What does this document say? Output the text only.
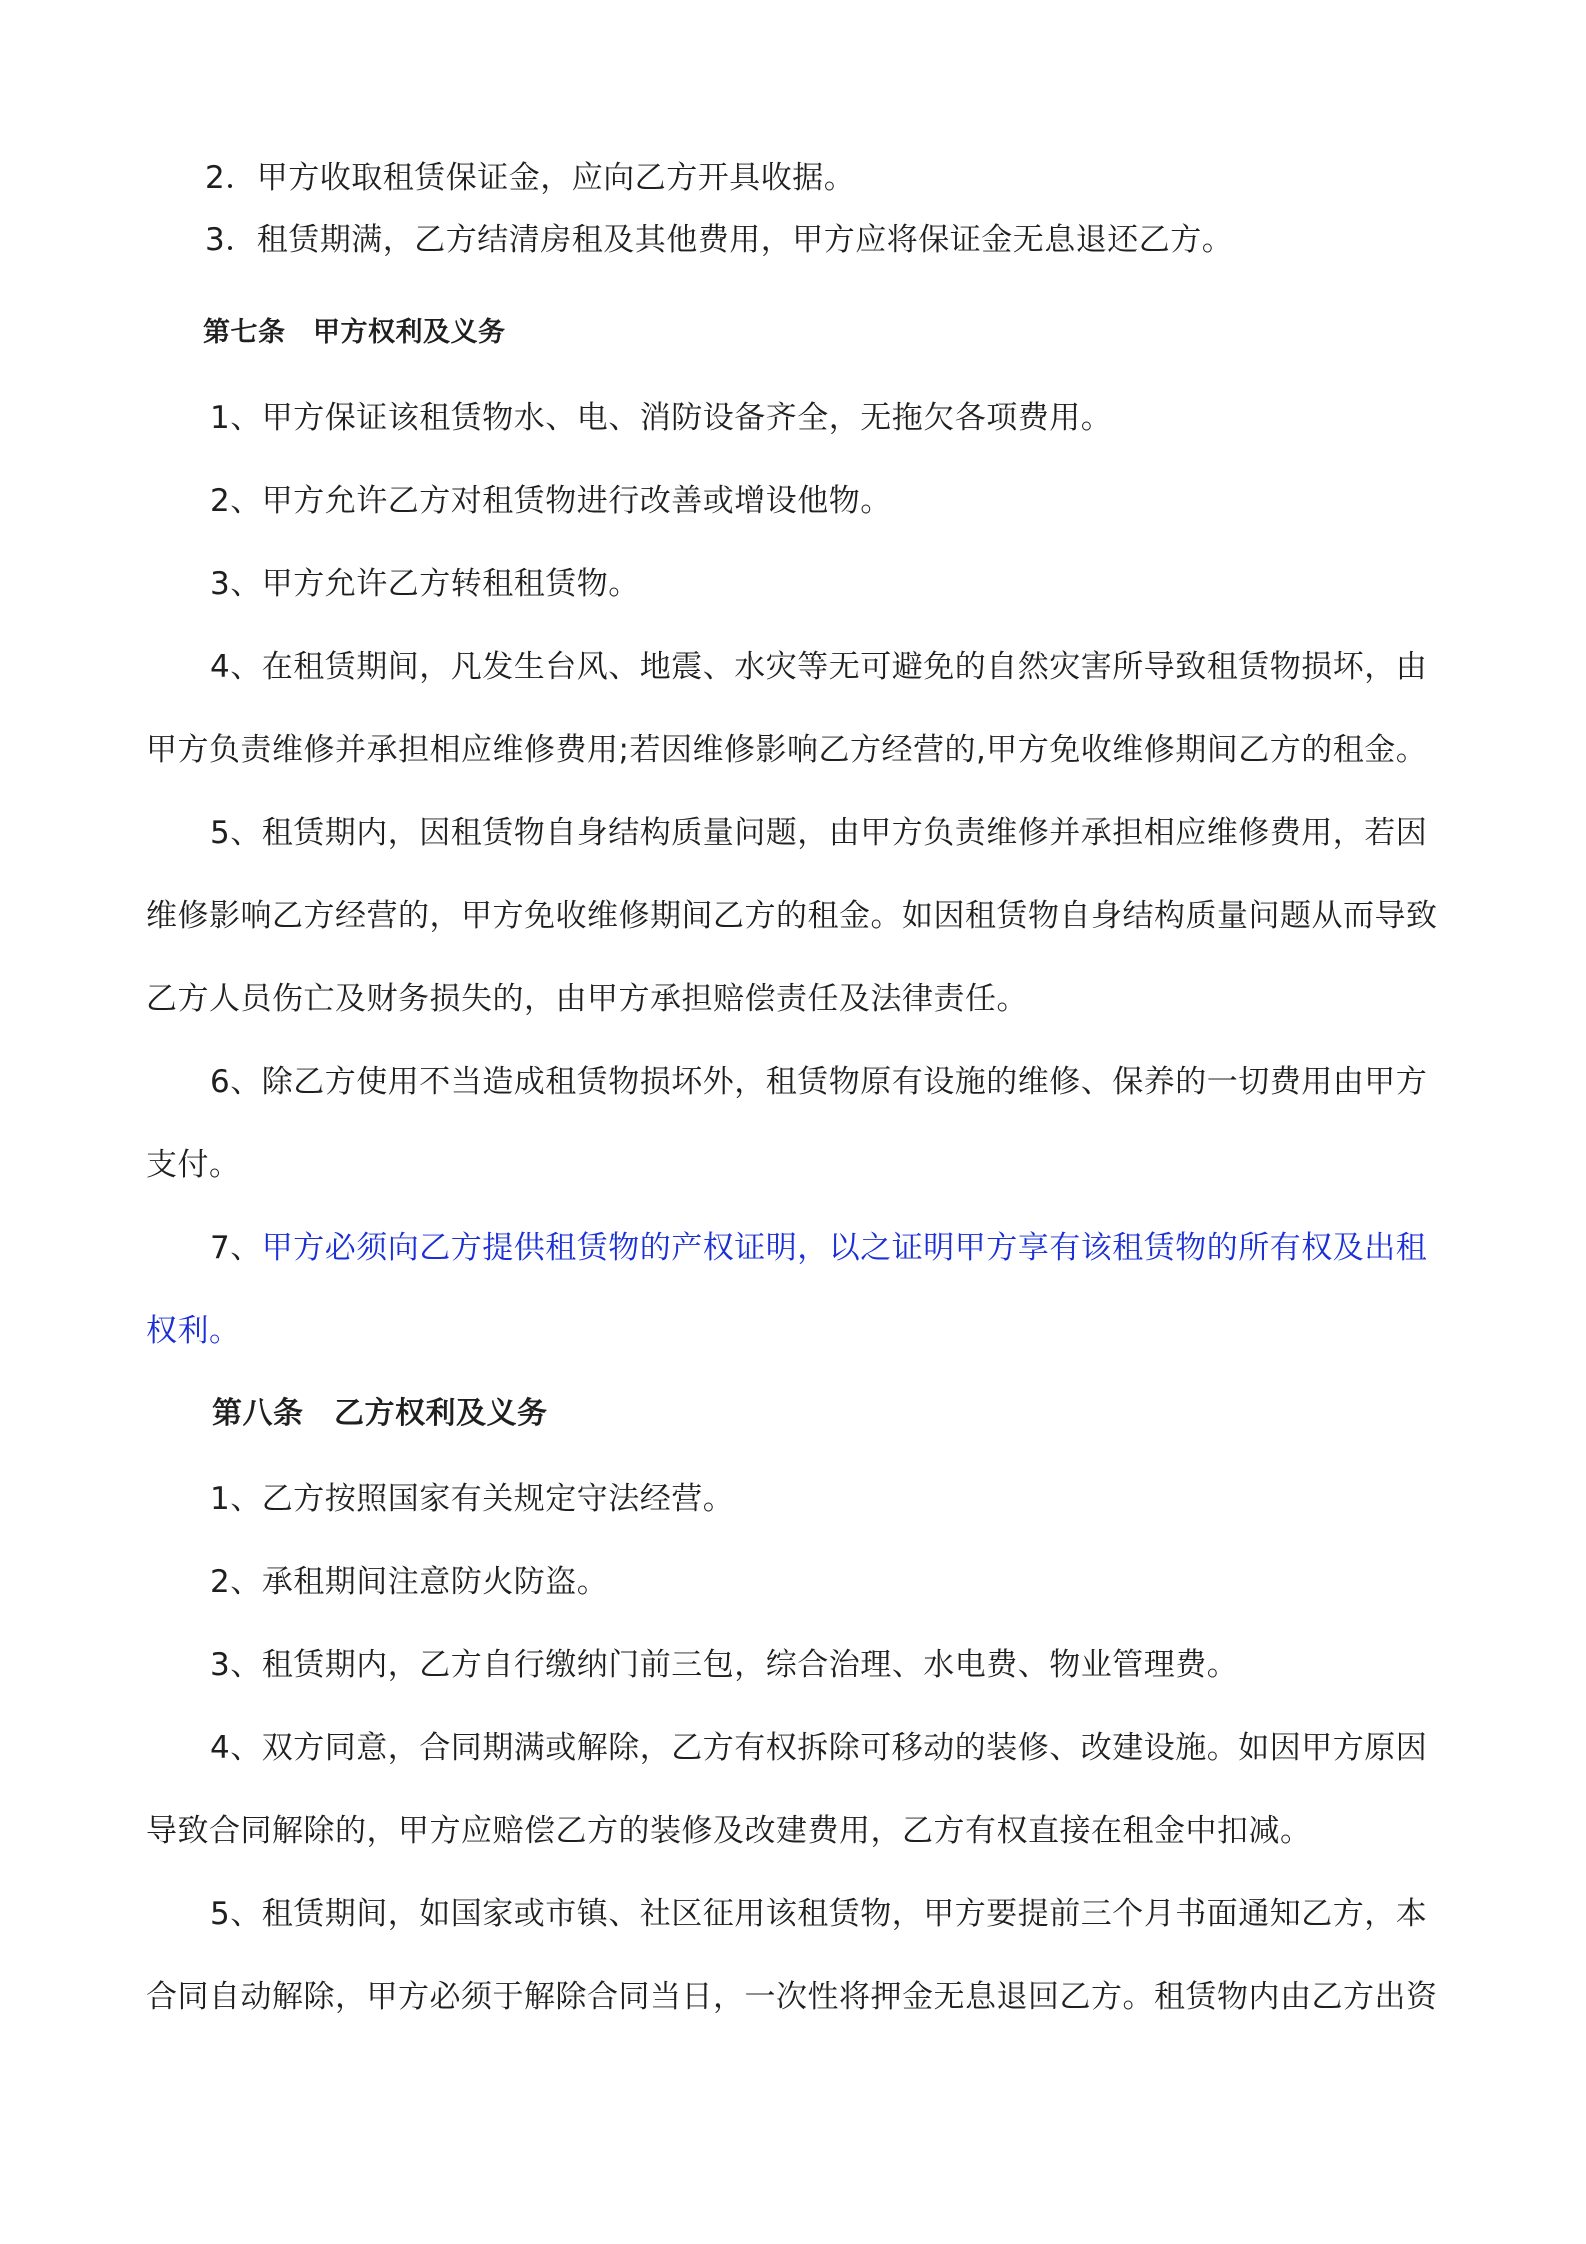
2．甲方收取租赁保证金，应向乙方开具收据。
3．租赁期满，乙方结清房租及其他费用，甲方应将保证金无息退还乙方。
第七条　甲方权利及义务
1、甲方保证该租赁物水、电、消防设备齐全，无拖欠各项费用。
2、甲方允许乙方对租赁物进行改善或增设他物。
3、甲方允许乙方转租租赁物。
4、在租赁期间，凡发生台风、地震、水灾等无可避免的自然灾害所导致租赁物损坏，由
甲方负责维修并承担相应维修费用;若因维修影响乙方经营的,甲方免收维修期间乙方的租金。
5、租赁期内，因租赁物自身结构质量问题，由甲方负责维修并承担相应维修费用，若因
维修影响乙方经营的，甲方免收维修期间乙方的租金。如因租赁物自身结构质量问题从而导致
乙方人员伤亡及财务损失的，由甲方承担赔偿责任及法律责任。
6、除乙方使用不当造成租赁物损坏外，租赁物原有设施的维修、保养的一切费用由甲方
支付。
7、甲方必须向乙方提供租赁物的产权证明，以之证明甲方享有该租赁物的所有权及出租
权利。
第八条　乙方权利及义务
1、乙方按照国家有关规定守法经营。
2、承租期间注意防火防盗。
3、租赁期内，乙方自行缴纳门前三包，综合治理、水电费、物业管理费。
4、双方同意，合同期满或解除，乙方有权拆除可移动的装修、改建设施。如因甲方原因
导致合同解除的，甲方应赔偿乙方的装修及改建费用，乙方有权直接在租金中扣减。
5、租赁期间，如国家或市镇、社区征用该租赁物，甲方要提前三个月书面通知乙方，本
合同自动解除，甲方必须于解除合同当日，一次性将押金无息退回乙方。租赁物内由乙方出资
